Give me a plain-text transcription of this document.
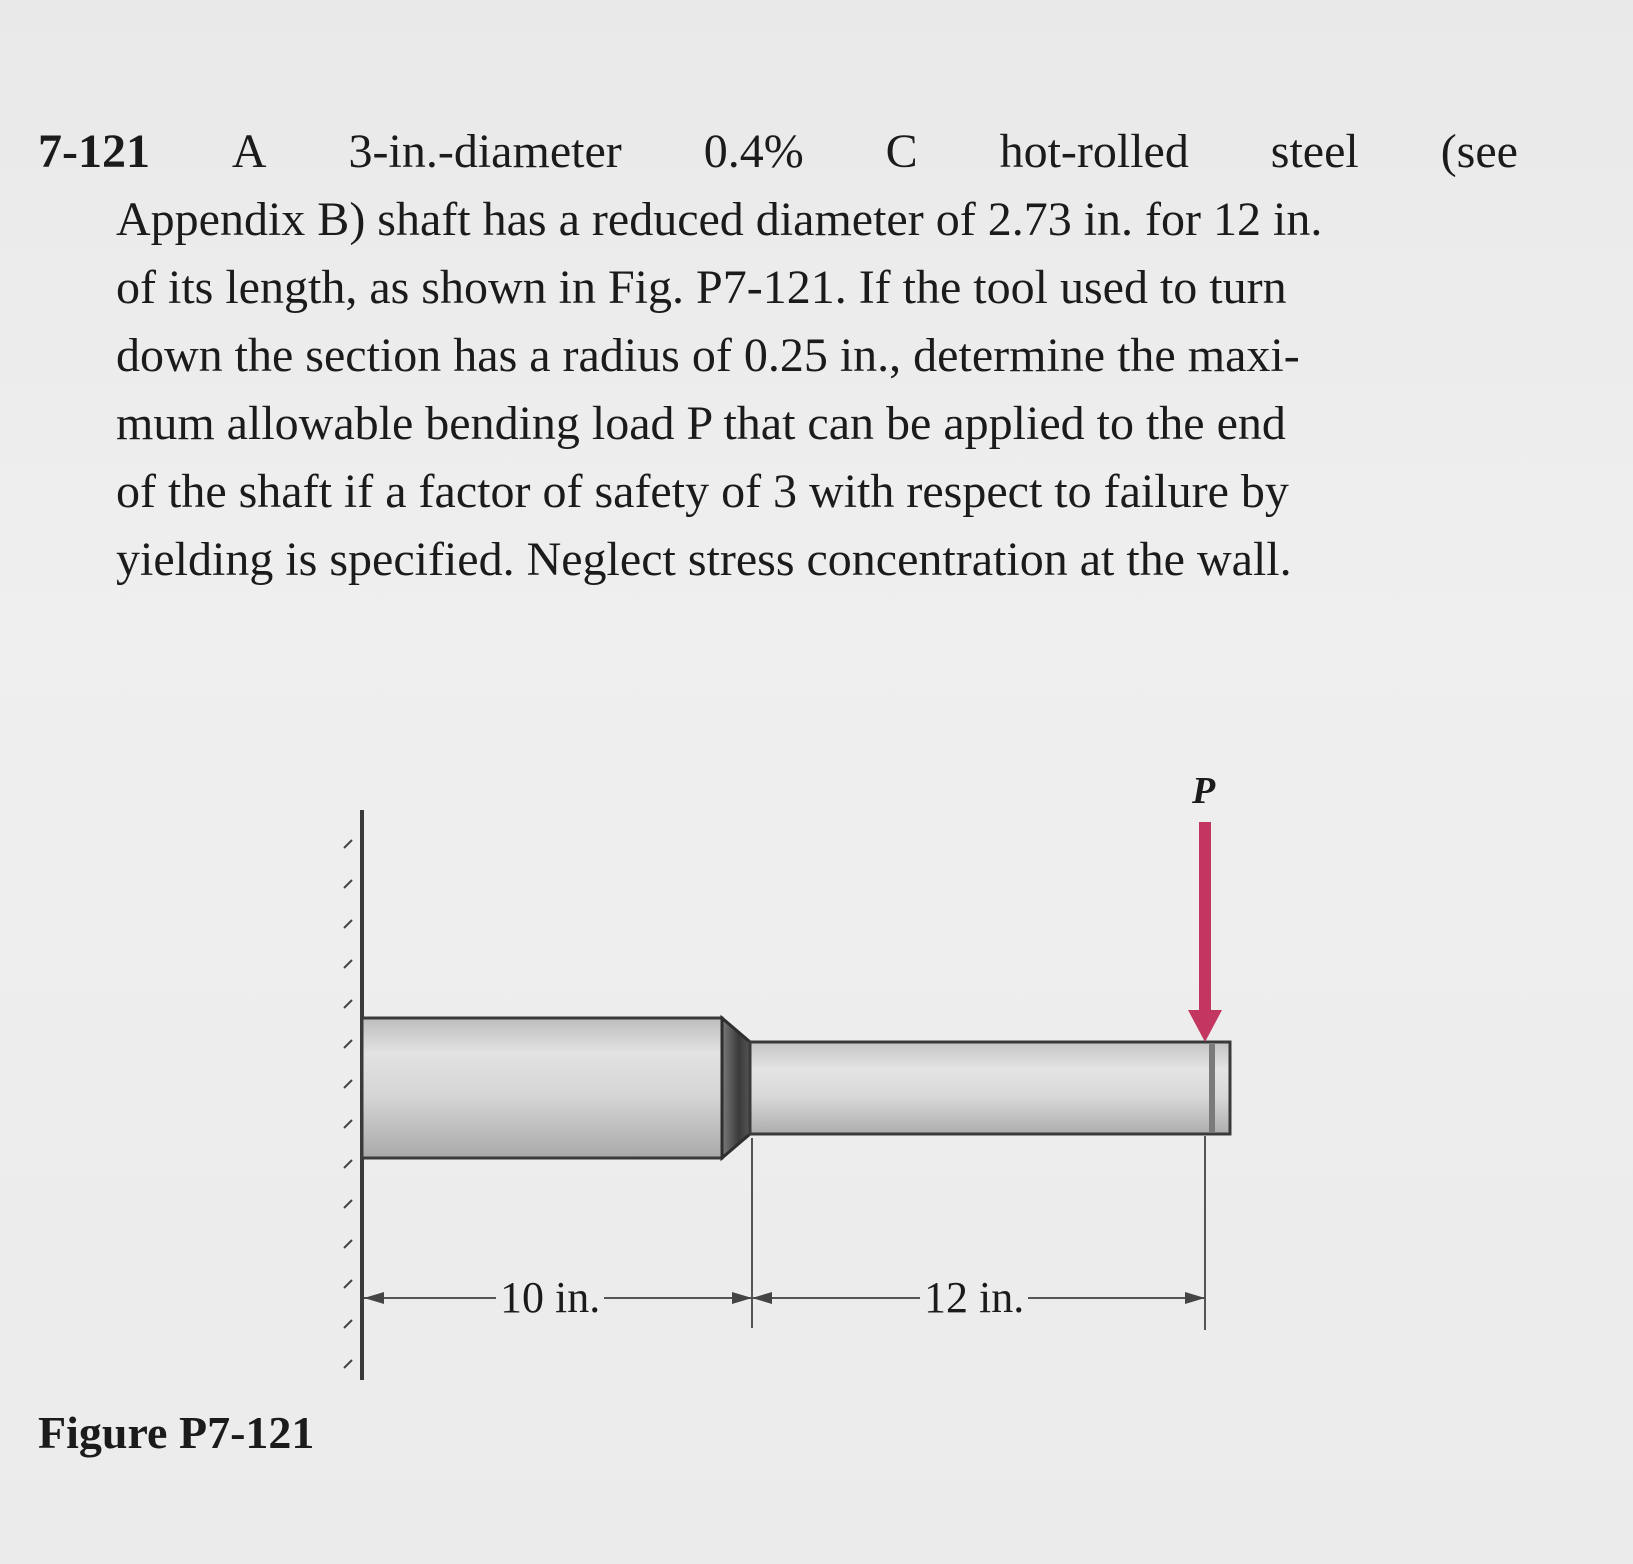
7-121 A 3-in.-diameter 0.4% C hot-rolled steel (see
Appendix B) shaft has a reduced diameter of 2.73 in. for 12 in.
of its length, as shown in Fig. P7-121. If the tool used to turn
down the section has a radius of 0.25 in., determine the maxi-
mum allowable bending load P that can be applied to the end
of the shaft if a factor of safety of 3 with respect to failure by
yielding is specified. Neglect stress concentration at the wall.
P
10 in.	12 in.
Figure P7-121
